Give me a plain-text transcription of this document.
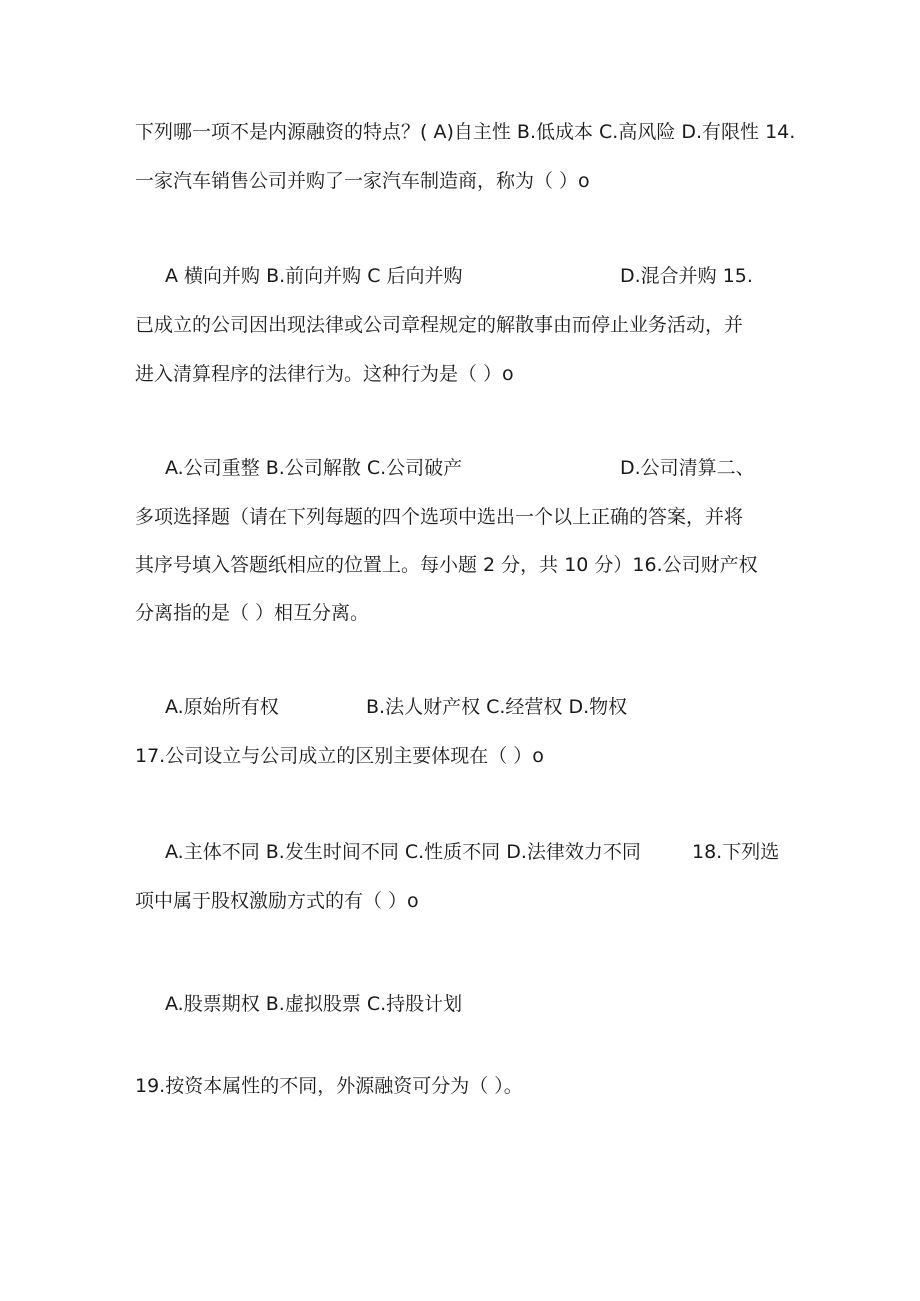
下列哪一项不是内源融资的特点？( A)自主性 B.低成本 C.高风险 D.有限性 14.

一家汽车销售公司并购了一家汽车制造商，称为（ ）o

A 横向并购 B.前向并购 C 后向并购	D.混合并购 15.

已成立的公司因出现法律或公司章程规定的解散事由而停止业务活动，并

进入清算程序的法律行为。这种行为是（ ）o

A.公司重整 B.公司解散 C.公司破产	D.公司清算二、

多项选择题（请在下列每题的四个选项中选出一个以上正确的答案，并将

其序号填入答题纸相应的位置上。每小题 2 分，共 10 分）16.公司财产权

分离指的是（ ）相互分离。

A.原始所有权	B.法人财产权 C.经营权 D.物权

17.公司设立与公司成立的区别主要体现在（ ）o

A.主体不同 B.发生时间不同 C.性质不同 D.法律效力不同	18.下列选

项中属于股权激励方式的有（ ）o

A.股票期权 B.虚拟股票 C.持股计划

19.按资本属性的不同，外源融资可分为（ ）。
